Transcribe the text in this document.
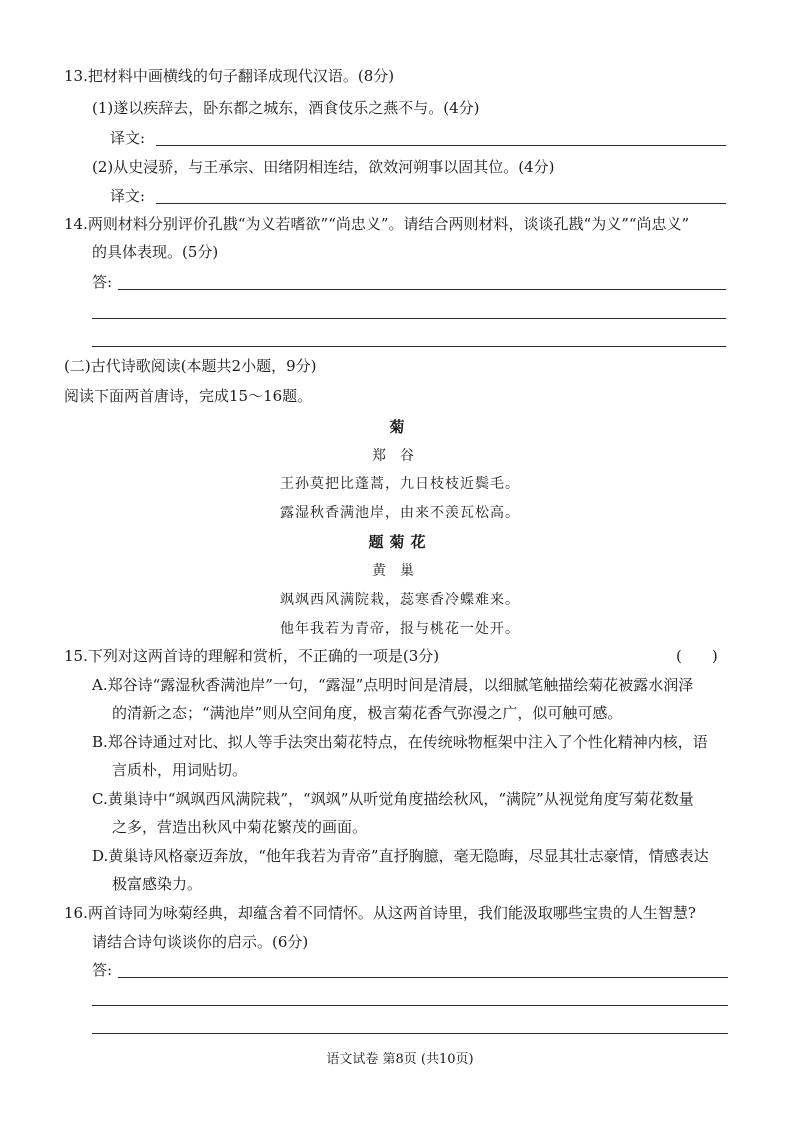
13.把材料中画横线的句子翻译成现代汉语。(8分)
(1)遂以疾辞去，卧东都之城东，酒食伎乐之燕不与。(4分)
译文:
(2)从史浸骄，与王承宗、田绪阴相连结，欲效河朔事以固其位。(4分)
译文:
14.两则材料分别评价孔戡“为义若嗜欲”“尚忠义”。请结合两则材料，谈谈孔戡“为义”“尚忠义”
的具体表现。(5分)
答:
(二)古代诗歌阅读(本题共2小题，9分)
阅读下面两首唐诗，完成15～16题。
菊
郑谷
王孙莫把比蓬蒿，九日枝枝近鬓毛。
露湿秋香满池岸，由来不羡瓦松高。
题菊花
黄巢
飒飒西风满院栽，蕊寒香冷蝶难来。
他年我若为青帝，报与桃花一处开。
15.下列对这两首诗的理解和赏析，不正确的一项是(3分)	(　　)
A.郑谷诗“露湿秋香满池岸”一句，“露湿”点明时间是清晨，以细腻笔触描绘菊花被露水润泽
的清新之态；“满池岸”则从空间角度，极言菊花香气弥漫之广，似可触可感。
B.郑谷诗通过对比、拟人等手法突出菊花特点，在传统咏物框架中注入了个性化精神内核，语
言质朴，用词贴切。
C.黄巢诗中“飒飒西风满院栽”，“飒飒”从听觉角度描绘秋风，“满院”从视觉角度写菊花数量
之多，营造出秋风中菊花繁茂的画面。
D.黄巢诗风格豪迈奔放，“他年我若为青帝”直抒胸臆，毫无隐晦，尽显其壮志豪情，情感表达
极富感染力。
16.两首诗同为咏菊经典，却蕴含着不同情怀。从这两首诗里，我们能汲取哪些宝贵的人生智慧?
请结合诗句谈谈你的启示。(6分)
答:
语文试卷 第8页 (共10页)
